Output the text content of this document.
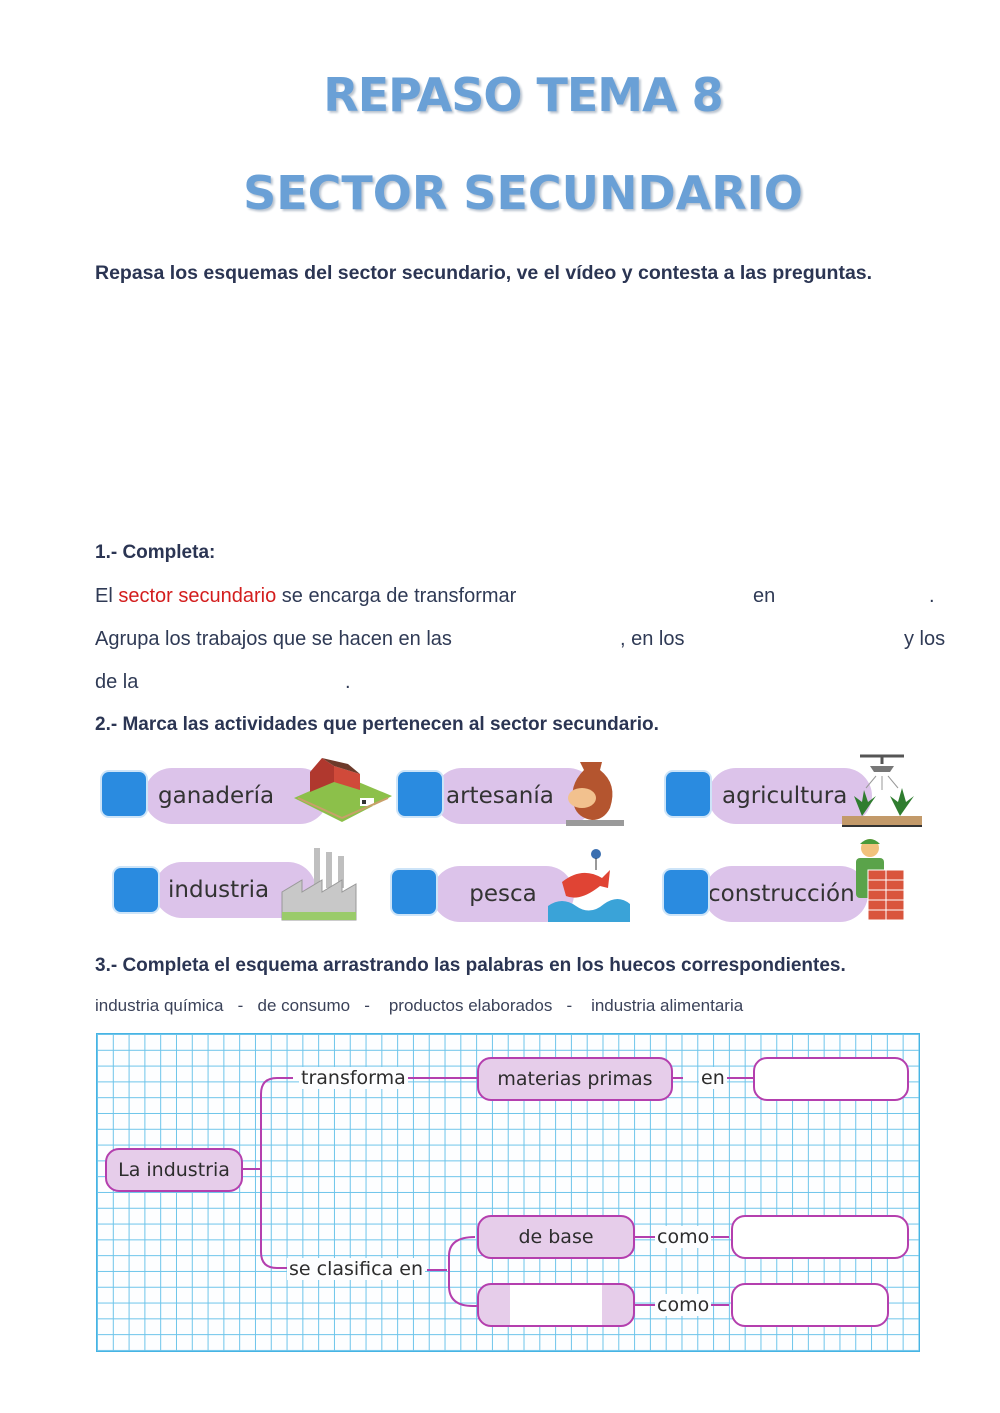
REPASO TEMA 8
SECTOR SECUNDARIO
Repasa los esquemas del sector secundario, ve el vídeo y contesta a las preguntas.
1.- Completa:
El sector secundario se encarga de transformar	en	.
Agrupa los trabajos que se hacen en las	, en los	y los
de la	.
2.- Marca las actividades que pertenecen al sector secundario.
ganadería	artesanía	agricultura
industria	pesca	construcción
3.- Completa el esquema arrastrando las palabras en los huecos correspondientes.
industria química   -   de consumo   -    productos elaborados   -    industria alimentaria
La industria
transforma	materias primas	en
se clasifica en
de base	como
como
